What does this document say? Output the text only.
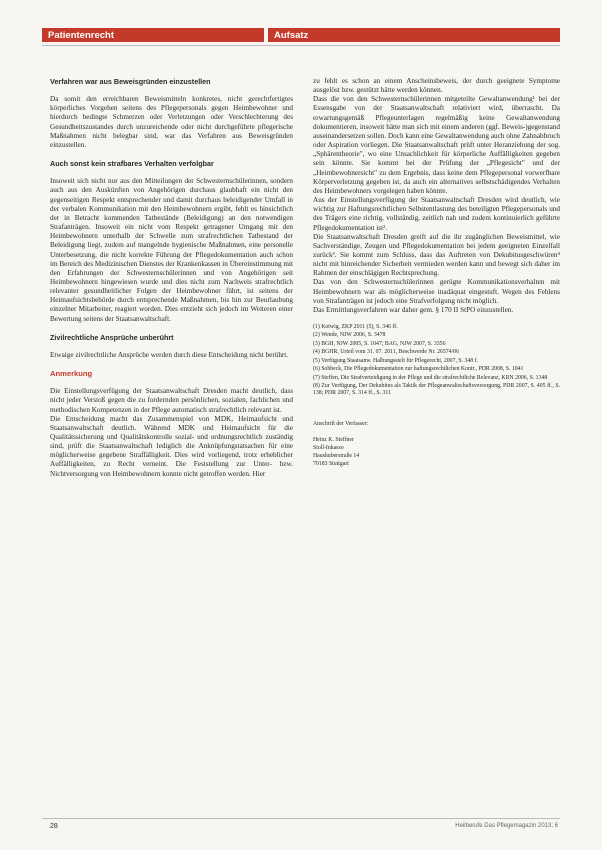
Patientenrecht	Aufsatz
Verfahren war aus Beweisgründen einzustellen

Da somit den erreichbaren Beweismitteln konkretes, nicht gerechtfertigtes körperliches Vorgehen seitens des Pflegepersonals gegen Heimbewohner und hierdurch bedingte Schmerzen oder Verletzungen oder Verschlechterung des Gesundheitszustandes durch unzureichende oder nicht durchgeführte pflegerische Maßnahmen nicht belegbar sind, war das Verfahren aus Beweisgründen einzustellen.

Auch sonst kein strafbares Verhalten verfolgbar

Insoweit sich nicht nur aus den Mitteilungen der Schwesternschülerinnen, sondern auch aus den Auskünften von Angehörigen durchaus glaubhaft ein nicht den gegenseitigen Respekt entsprechender und damit durchaus beleidigender Umfall in der verbalen Kommunikation mit den Heimbewohnern ergibt, fehlt es hinsichtlich der in Betracht kommenden Tatbestände (Beleidigung) an den notwendigen Strafanträgen. Insoweit ein nicht vom Respekt getragener Umgang mit den Heimbewohnern unterhalb der Schwelle zum strafrechtlichen Tatbestand der Beleidigung liegt, zudem auf mangelnde hygienische Maßnahmen, eine personelle Unterbesetzung, die nicht korrekte Führung der Pflegedokumentation auch schon im Bereich des Medizinischen Dienstes der Krankenkassen in Übereinstimmung mit den Erfahrungen der Schwesternschülerinnen und von Angehörigen seit Heimbewohnern hingewiesen wurde und dies nicht zum Nachweis strafrechtlich relevanter gesundheitlicher Folgen der Heimbewohner führt, ist seitens der Heimaufsichtsbehörde durch entsprechende Maßnahmen, bis hin zur Beurlaubung einzelner Mitarbeiter, reagiert worden. Dies entzieht sich jedoch im Weiteren einer Bewertung seitens der Staatsanwaltschaft.

Zivilrechtliche Ansprüche unberührt

Etwaige zivilrechtliche Ansprüche werden durch diese Entscheidung nicht berührt.

Anmerkung

Die Einstellungsverfügung der Staatsanwaltschaft Dresden macht deutlich, dass nicht jeder Verstoß gegen die zu fordernden persönlichen, sozialen, fachlichen und methodischen Kompetenzen in der Pflege automatisch strafrechtlich relevant ist.

Die Entscheidung macht das Zusammenspiel von MDK, Heimaufsicht und Staatsanwaltschaft deutlich. Während MDK und Heimaufsicht für die Qualitätssicherung und Qualitätskontrolle sozial- und ordnungsrechtlich zuständig sind, prüft die Staatsanwaltschaft lediglich die Anknüpfungstatsachen für eine möglicherweise gegebene Straffälligkeit. Dies wird vorliegend, trotz erheblicher Auffälligkeiten, zu Recht verneint. Die Feststellung zur Unter- bzw. Nichtversorgung von Heimbewohnern konnte nicht getroffen werden. Hier

zu fehlt es schon an einem Anscheinsbeweis, der durch geeignete Symptome ausgelöst bzw. gestützt hätte werden können.

Dass die von den Schwesternschülerinnen mitgeteilte Gewaltanwendung¹ bei der Essensgabe von der Staatsanwaltschaft relativiert wird, überrascht. Da erwartungsgemäß Pflegeunterlagen regelmäßig keine Gewaltanwendung dokumentieren, insoweit hätte man sich mit einem anderen (ggf. Beweis-)gegenstand auseinandersetzen sollen. Doch kann eine Gewaltanwendung auch ohne Zahnabbruch oder Aspiration vorliegen. Die Staatsanwaltschaft prüft unter Heranziehung der sog. „Sphärentheorie", wo eine Unsachlichkeit für körperliche Auffälligkeiten gegeben sein könnte. Sie kommt bei der Prüfung der „Pflegesicht" und der „Heimbewohnersicht" zu dem Ergebnis, dass keine dem Pflegepersonal vorwerfbare Körperverletzung gegeben ist, da auch ein alternatives selbstschädigendes Verhalten des Heimbewohners vorgelegen haben könnte.

Aus der Einstellungsverfügung der Staatsanwaltschaft Dresden wird deutlich, wie wichtig zur Haftungsrechtlichen Selbstentlastung des beteiligten Pflegepersonals und des Trägers eine richtig, vollständig, zeitlich nah und zudem kontinuierlich geführte Pflegedokumentation ist².

Die Staatsanwaltschaft Dresden greift auf die ihr zugänglichen Beweismittel, wie Sachverständige, Zeugen und Pflegedokumentation bei jedem geeigneten Einzelfall zurück³. Sie kommt zum Schluss, dass das Auftreten von Dekubitusgeschwüren⁴ nicht mit hinreichender Sicherheit vermieden werden kann und bewegt sich daher im Rahmen der einschlägigen Rechtsprechung.

Das von den Schwesternschülerinnen gerügte Kommunikationsverhalten mit Heimbewohnern war als möglicherweise inadäquat eingestuft. Wegen des Fehlens von Strafanträgen ist jedoch eine Strafverfolgung nicht möglich.

Das Ermittlungsverfahren war daher gem. § 170 II StPO einzustellen.

(1) Kotwig, ZKP 2011 (5), S. 346 ff.
(2) Wende, NJW 2006, S. 3478
(3) BGH, NJW 2005, S. 1047; BAG, NJW 2007, S. 3356
(4) BGHR, Urteil vom 31. 07. 2011, Beschwerde Nr. 26574/06
(5) Verfügung Staatsanw. Halbungsstelt für Pflegerecht, 2007, S. 348 f.
(6) Sobbeck, Die Pflegedokumentation zur haftungsrechtlichen Kontr., PDR 2008, S. 1041
(7) Steffen, Die Strafverteidigung in der Pflege und die strafrechtliche Relevanz, KRN 2006, S. 1348
(8) Zur Verfügung, Der Dekubitus als Taktik der Pflegeanwaltschaftsversorgung, PDR 2007, S. 405 ff., S. 138; PDR 2007, S. 314 ff., S. 311
Anschrift der Verfasser:
Heinz K. Steffner
Stoll-Inkasso
Haushuberstraße 14
70183 Stuttgart
28	Heilberufe Das Pflegemagazin 2013; 6
